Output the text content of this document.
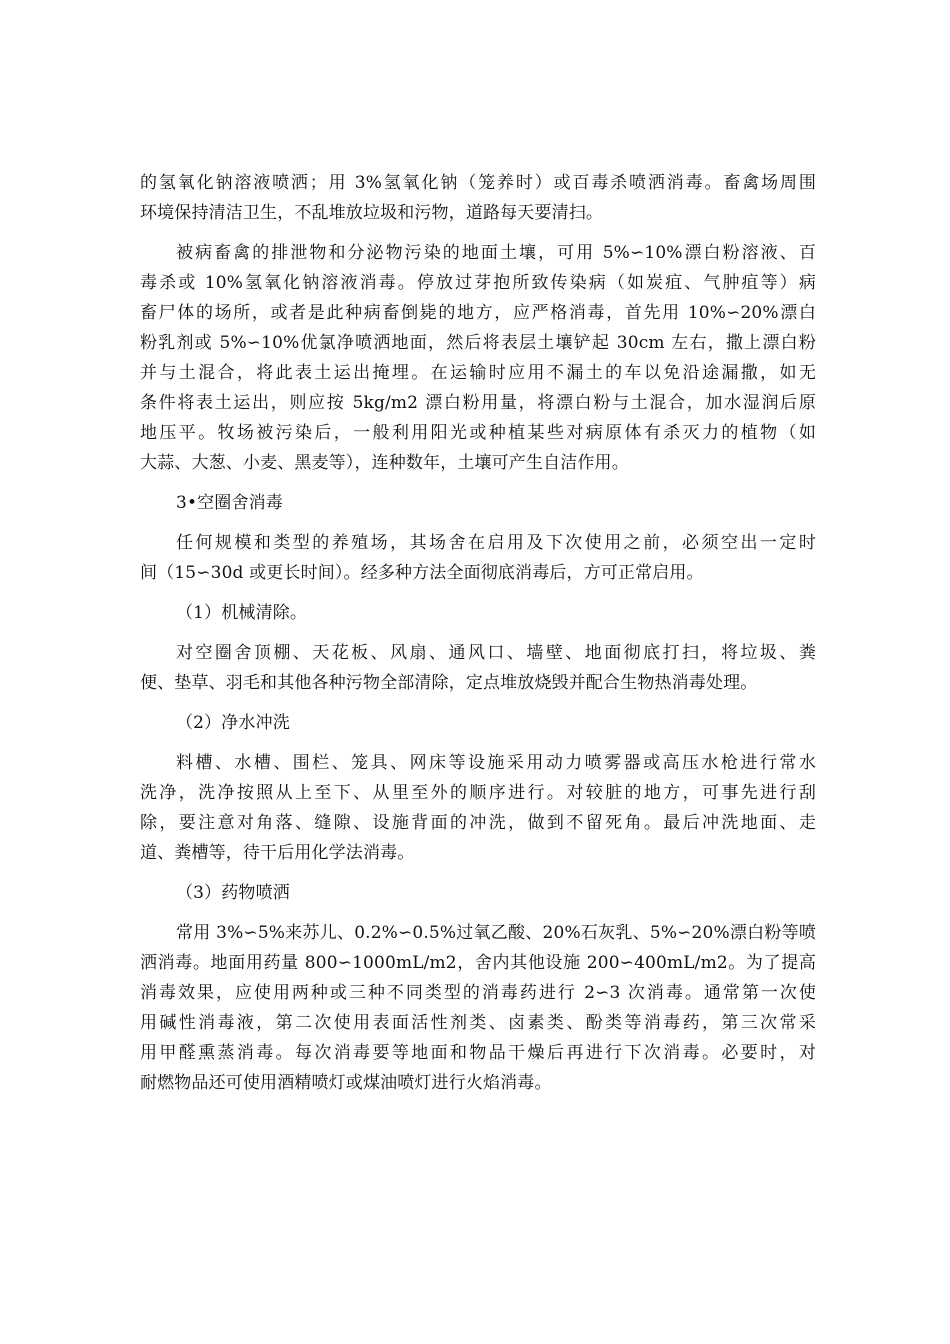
的氢氧化钠溶液喷洒；用 3%氢氧化钠（笼养时）或百毒杀喷洒消毒。畜禽场周围
环境保持清洁卫生，不乱堆放垃圾和污物，道路每天要清扫。
被病畜禽的排泄物和分泌物污染的地面土壤，可用 5%∽10%漂白粉溶液、百
毒杀或 10%氢氧化钠溶液消毒。停放过芽抱所致传染病（如炭疽、气肿疽等）病
畜尸体的场所，或者是此种病畜倒毙的地方，应严格消毒，首先用 10%∽20%漂白
粉乳剂或 5%∽10%优氯净喷洒地面，然后将表层土壤铲起 30cm 左右，撒上漂白粉
并与土混合，将此表土运出掩埋。在运输时应用不漏土的车以免沿途漏撒，如无
条件将表土运出，则应按 5kg/m2 漂白粉用量，将漂白粉与土混合，加水湿润后原
地压平。牧场被污染后，一般利用阳光或种植某些对病原体有杀灭力的植物（如
大蒜、大葱、小麦、黑麦等），连种数年，土壤可产生自洁作用。
3•空圈舍消毒
任何规模和类型的养殖场，其场舍在启用及下次使用之前，必须空出一定时
间（15∽30d 或更长时间）。经多种方法全面彻底消毒后，方可正常启用。
（1）机械清除。
对空圈舍顶棚、天花板、风扇、通风口、墙壁、地面彻底打扫，将垃圾、粪
便、垫草、羽毛和其他各种污物全部清除，定点堆放烧毁并配合生物热消毒处理。
（2）净水冲洗
料槽、水槽、围栏、笼具、网床等设施采用动力喷雾器或高压水枪进行常水
洗净，洗净按照从上至下、从里至外的顺序进行。对较脏的地方，可事先进行刮
除，要注意对角落、缝隙、设施背面的冲洗，做到不留死角。最后冲洗地面、走
道、粪槽等，待干后用化学法消毒。
（3）药物喷洒
常用 3%∽5%来苏儿、0.2%∽0.5%过氧乙酸、20%石灰乳、5%∽20%漂白粉等喷
洒消毒。地面用药量 800∽1000mL/m2，舍内其他设施 200∽400mL/m2。为了提高
消毒效果，应使用两种或三种不同类型的消毒药进行 2∽3 次消毒。通常第一次使
用碱性消毒液，第二次使用表面活性剂类、卤素类、酚类等消毒药，第三次常采
用甲醛熏蒸消毒。每次消毒要等地面和物品干燥后再进行下次消毒。必要时，对
耐燃物品还可使用酒精喷灯或煤油喷灯进行火焰消毒。
